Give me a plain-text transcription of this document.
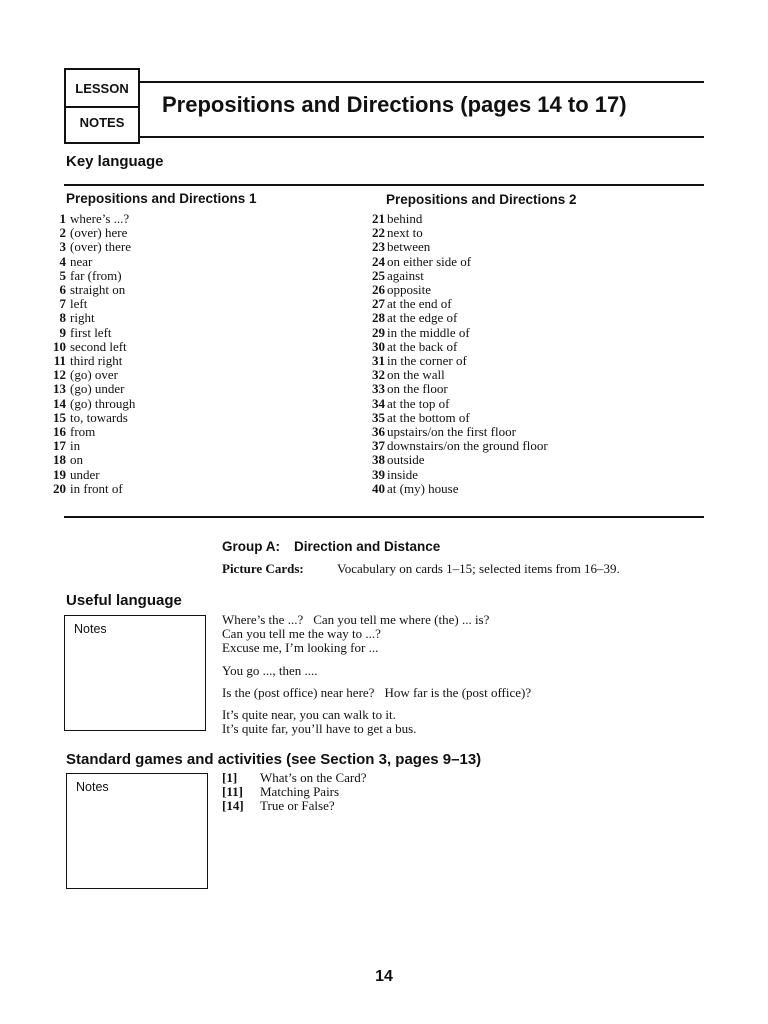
LESSON
NOTES
Prepositions and Directions (pages 14 to 17)
Key language
Prepositions and Directions 1	Prepositions and Directions 2
1 where’s ...?
2 (over) here
3 (over) there
4 near
5 far (from)
6 straight on
7 left
8 right
9 first left
10 second left
11 third right
12 (go) over
13 (go) under
14 (go) through
15 to, towards
16 from
17 in
18 on
19 under
20 in front of
21 behind
22 next to
23 between
24 on either side of
25 against
26 opposite
27 at the end of
28 at the edge of
29 in the middle of
30 at the back of
31 in the corner of
32 on the wall
33 on the floor
34 at the top of
35 at the bottom of
36 upstairs/on the first floor
37 downstairs/on the ground floor
38 outside
39 inside
40 at (my) house
Group A: Direction and Distance
Picture Cards:	Vocabulary on cards 1–15; selected items from 16–39.
Useful language
Notes

Where’s the ...? Can you tell me where (the) ... is?
Can you tell me the way to ...?
Excuse me, I’m looking for ...

You go ..., then ....

Is the (post office) near here? How far is the (post office)?

It’s quite near, you can walk to it.
It’s quite far, you’ll have to get a bus.

Standard games and activities (see Section 3, pages 9–13)
Notes
[1] What’s on the Card?
[11] Matching Pairs
[14] True or False?
14
